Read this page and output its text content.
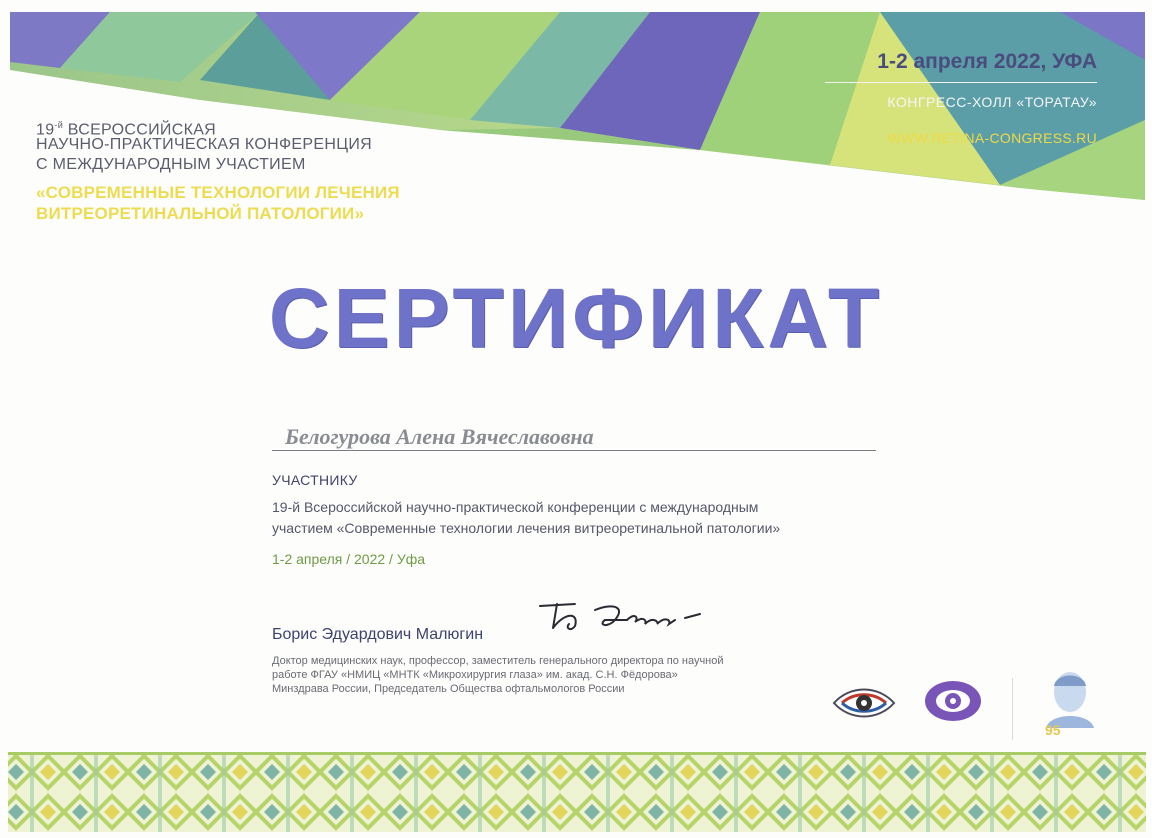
$19^{-й}$ ВСЕРОССИЙСКАЯ
НАУЧНО-ПРАКТИЧЕСКАЯ КОНФЕРЕНЦИЯ
С МЕЖДУНАРОДНЫМ УЧАСТИЕМ
«СОВРЕМЕННЫЕ ТЕХНОЛОГИИ ЛЕЧЕНИЯ
ВИТРЕОРЕТИНАЛЬНОЙ ПАТОЛОГИИ»
1-2 апреля 2022, УФА
КОНГРЕСС-ХОЛЛ «ТОРАТАУ»
WWW.RETINA-CONGRESS.RU
СЕРТИФИКАТ
Белогурова Алена Вячеславовна
УЧАСТНИКУ
19-й Всероссийской научно-практической конференции с международным
участием «Современные технологии лечения витреоретинальной патологии»
1-2 апреля / 2022 / Уфа
Борис Эдуардович Малюгин
Доктор медицинских наук, профессор, заместитель генерального директора по научной
работе ФГАУ «НМИЦ «МНТК «Микрохирургия глаза» им. акад. С.Н. Фёдорова»
Минздрава России, Председатель Общества офтальмологов России
95
